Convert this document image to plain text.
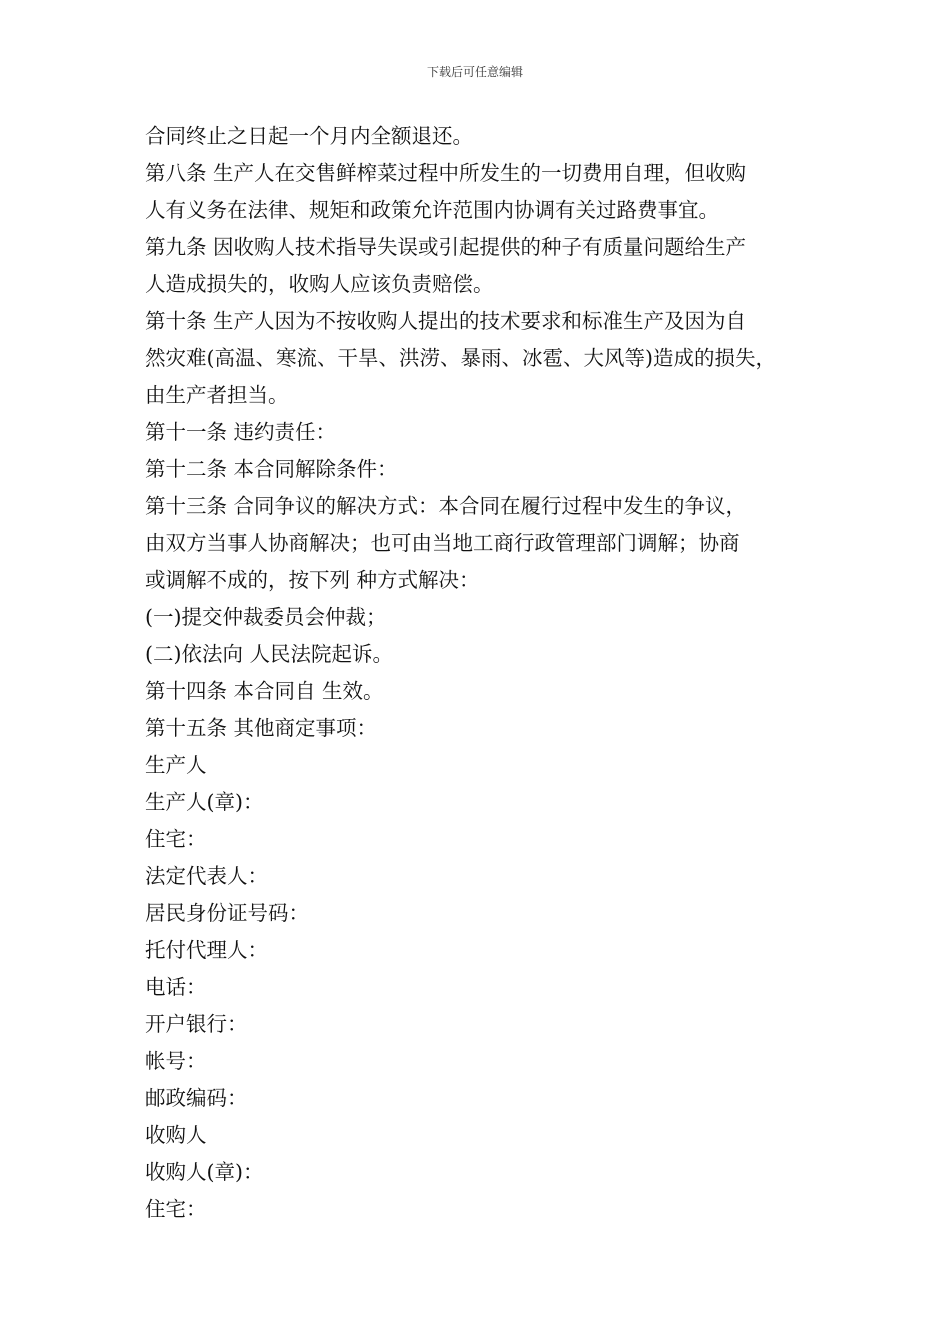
下载后可任意编辑
合同终止之日起一个月内全额退还。
第八条 生产人在交售鲜榨菜过程中所发生的一切费用自理，但收购
人有义务在法律、规矩和政策允许范围内协调有关过路费事宜。
第九条 因收购人技术指导失误或引起提供的种子有质量问题给生产
人造成损失的，收购人应该负责赔偿。
第十条 生产人因为不按收购人提出的技术要求和标准生产及因为自
然灾难(高温、寒流、干旱、洪涝、暴雨、冰雹、大风等)造成的损失，
由生产者担当。
第十一条 违约责任：
第十二条 本合同解除条件：
第十三条 合同争议的解决方式：本合同在履行过程中发生的争议，
由双方当事人协商解决；也可由当地工商行政管理部门调解；协商
或调解不成的，按下列 种方式解决：
(一)提交仲裁委员会仲裁；
(二)依法向 人民法院起诉。
第十四条 本合同自 生效。
第十五条 其他商定事项：
生产人
生产人(章)：
住宅：
法定代表人：
居民身份证号码：
托付代理人：
电话：
开户银行：
帐号：
邮政编码：
收购人
收购人(章)：
住宅：
